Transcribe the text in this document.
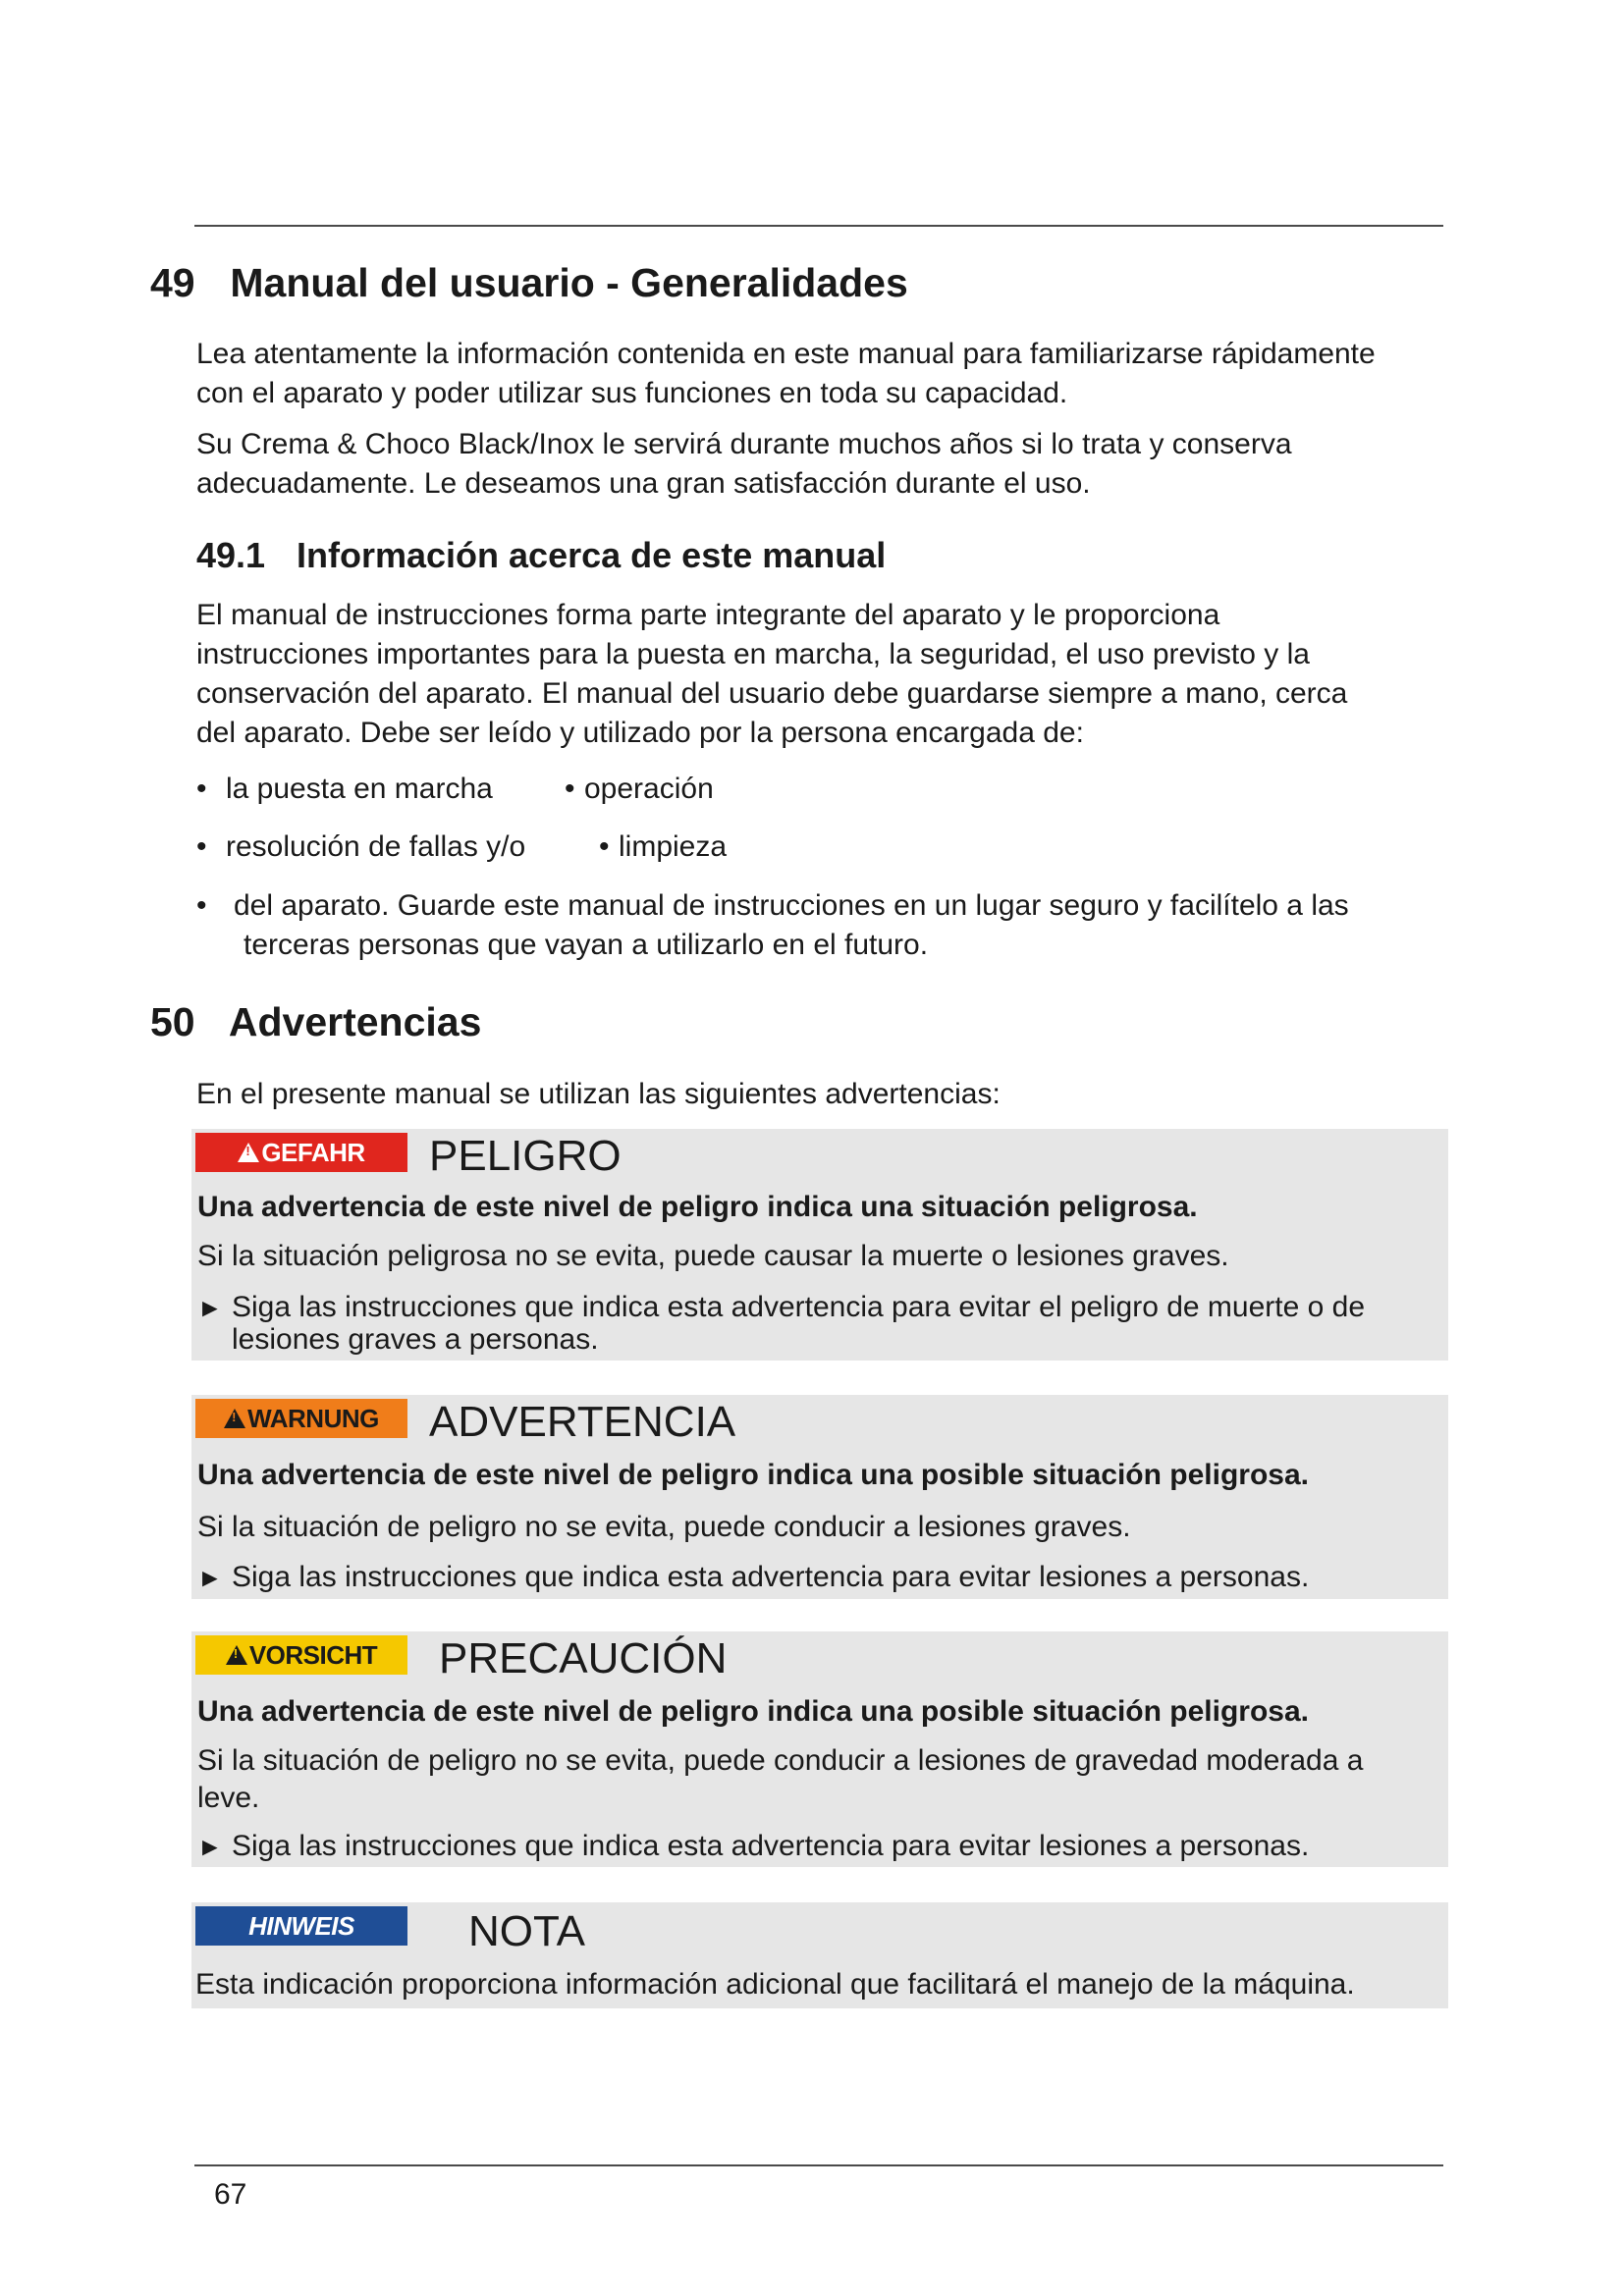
49 Manual del usuario - Generalidades

Lea atentamente la información contenida en este manual para familiarizarse rápidamente

con el aparato y poder utilizar sus funciones en toda su capacidad.

Su Crema & Choco Black/Inox le servirá durante muchos años si lo trata y conserva

adecuadamente. Le deseamos una gran satisfacción durante el uso.

49.1 Información acerca de este manual

El manual de instrucciones forma parte integrante del aparato y le proporciona

instrucciones importantes para la puesta en marcha, la seguridad, el uso previsto y la

conservación del aparato. El manual del usuario debe guardarse siempre a mano, cerca

del aparato. Debe ser leído y utilizado por la persona encargada de:

• la puesta en marcha • operación
• resolución de fallas y/o • limpieza
• del aparato. Guarde este manual de instrucciones en un lugar seguro y facilítelo a las
terceras personas que vayan a utilizarlo en el futuro.
50 Advertencias
En el presente manual se utilizan las siguientes advertencias:
!
GEFAHR PELIGRO
Una advertencia de este nivel de peligro indica una situación peligrosa.
Si la situación peligrosa no se evita, puede causar la muerte o lesiones graves.
► Siga las instrucciones que indica esta advertencia para evitar el peligro de muerte o de
lesiones graves a personas.
!
WARNUNG ADVERTENCIA
Una advertencia de este nivel de peligro indica una posible situación peligrosa.
Si la situación de peligro no se evita, puede conducir a lesiones graves.
► Siga las instrucciones que indica esta advertencia para evitar lesiones a personas.
!
VORSICHT PRECAUCIÓN
Una advertencia de este nivel de peligro indica una posible situación peligrosa.
Si la situación de peligro no se evita, puede conducir a lesiones de gravedad moderada a
leve.
► Siga las instrucciones que indica esta advertencia para evitar lesiones a personas.
HINWEIS	NOTA
Esta indicación proporciona información adicional que facilitará el manejo de la máquina.
67
